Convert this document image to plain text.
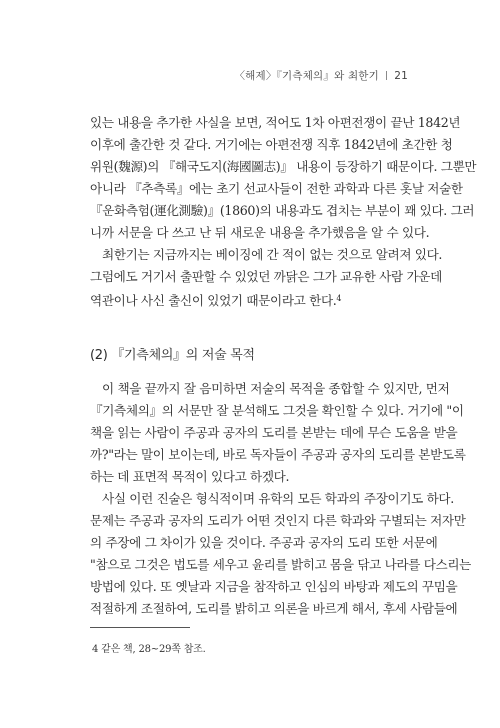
〈해제〉『기측체의』와 최한기 | 21

있는 내용을 추가한 사실을 보면, 적어도 1차 아편전쟁이 끝난 1842년

이후에 출간한 것 같다. 거기에는 아편전쟁 직후 1842년에 초간한 청

위원(魏源)의 『해국도지(海國圖志)』 내용이 등장하기 때문이다. 그뿐만

아니라 『추측록』에는 초기 선교사들이 전한 과학과 다른 홋날 저술한

『운화측험(運化測驗)』(1860)의 내용과도 겹치는 부분이 꽤 있다. 그러

니까 서문을 다 쓰고 난 뒤 새로운 내용을 추가했음을 알 수 있다.

최한기는 지금까지는 베이징에 간 적이 없는 것으로 알려져 있다.

그럼에도 거기서 출판할 수 있었던 까닭은 그가 교유한 사람 가운데

역관이나 사신 출신이 있었기 때문이라고 한다.$^4$

(2) 『기측체의』의 저술 목적

이 책을 끝까지 잘 음미하면 저술의 목적을 종합할 수 있지만, 먼저

『기측체의』의 서문만 잘 분석해도 그것을 확인할 수 있다. 거기에 "이

책을 읽는 사람이 주공과 공자의 도리를 본받는 데에 무슨 도움을 받을

까?"라는 말이 보이는데, 바로 독자들이 주공과 공자의 도리를 본받도록

하는 데 표면적 목적이 있다고 하겠다.

사실 이런 진술은 형식적이며 유학의 모든 학과의 주장이기도 하다.

문제는 주공과 공자의 도리가 어떤 것인지 다른 학과와 구별되는 저자만

의 주장에 그 차이가 있을 것이다. 주공과 공자의 도리 또한 서문에

"참으로 그것은 법도를 세우고 윤리를 밝히고 몸을 닦고 나라를 다스리는

방법에 있다. 또 옛날과 지금을 참작하고 인심의 바탕과 제도의 꾸밈을

적절하게 조절하여, 도리를 밝히고 의론을 바르게 해서, 후세 사람들에

4 같은 책, 28~29쪽 참조.
